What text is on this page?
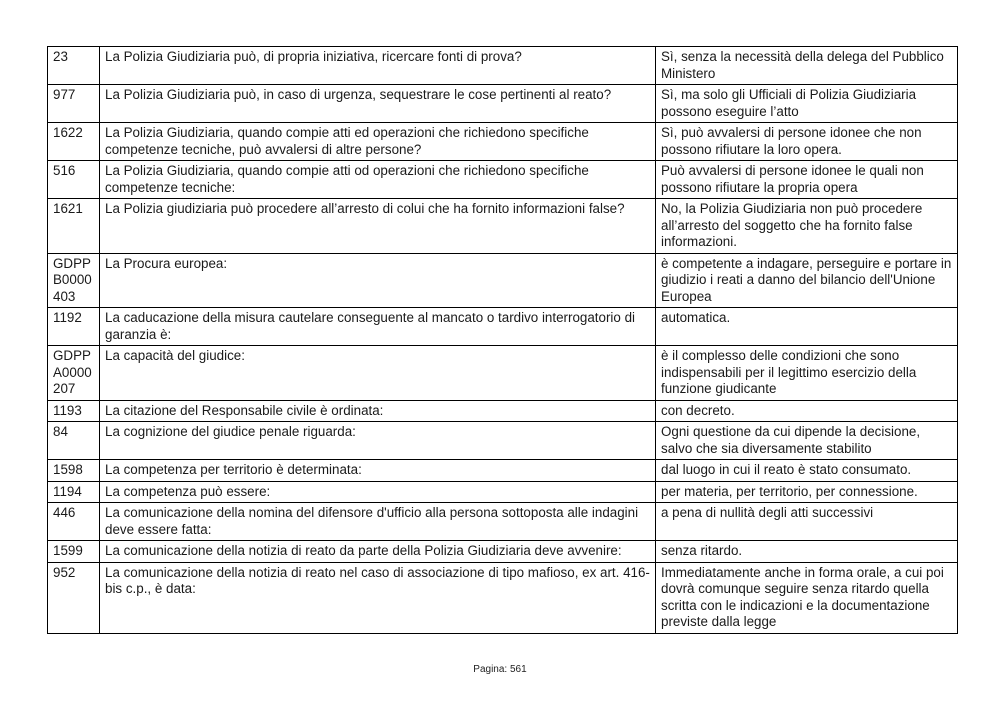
23	La Polizia Giudiziaria può, di propria iniziativa, ricercare fonti di prova?	Sì, senza la necessità della delega del Pubblico Ministero
977	La Polizia Giudiziaria può, in caso di urgenza, sequestrare le cose pertinenti al reato?	Sì, ma solo gli Ufficiali di Polizia Giudiziaria possono eseguire l’atto
1622	La Polizia Giudiziaria, quando compie atti ed operazioni che richiedono specifiche competenze tecniche, può avvalersi di altre persone?	Sì, può avvalersi di persone idonee che non possono rifiutare la loro opera.
516	La Polizia Giudiziaria, quando compie atti od operazioni che richiedono specifiche competenze tecniche:	Può avvalersi di persone idonee le quali non possono rifiutare la propria opera
1621	La Polizia giudiziaria può procedere all’arresto di colui che ha fornito informazioni false?	No, la Polizia Giudiziaria non può procedere all’arresto del soggetto che ha fornito false informazioni.
GDPP B0000 403	La Procura europea:	è competente a indagare, perseguire e portare in giudizio i reati a danno del bilancio dell'Unione Europea
1192	La caducazione della misura cautelare conseguente al mancato o tardivo interrogatorio di garanzia è:	automatica.
GDPP A0000 207	La capacità del giudice:	è il complesso delle condizioni che sono indispensabili per il legittimo esercizio della funzione giudicante
1193	La citazione del Responsabile civile è ordinata:	con decreto.
84	La cognizione del giudice penale riguarda:	Ogni questione da cui dipende la decisione, salvo che sia diversamente stabilito
1598	La competenza per territorio è determinata:	dal luogo in cui il reato è stato consumato.
1194	La competenza può essere:	per materia, per territorio, per connessione.
446	La comunicazione della nomina del difensore d'ufficio alla persona sottoposta alle indagini deve essere fatta:	a pena di nullità degli atti successivi
1599	La comunicazione della notizia di reato da parte della Polizia Giudiziaria deve avvenire:	senza ritardo.
952	La comunicazione della notizia di reato nel caso di associazione di tipo mafioso, ex art. 416-bis c.p., è data:	Immediatamente anche in forma orale, a cui poi dovrà comunque seguire senza ritardo quella scritta con le indicazioni e la documentazione previste dalla legge
Pagina: 561
